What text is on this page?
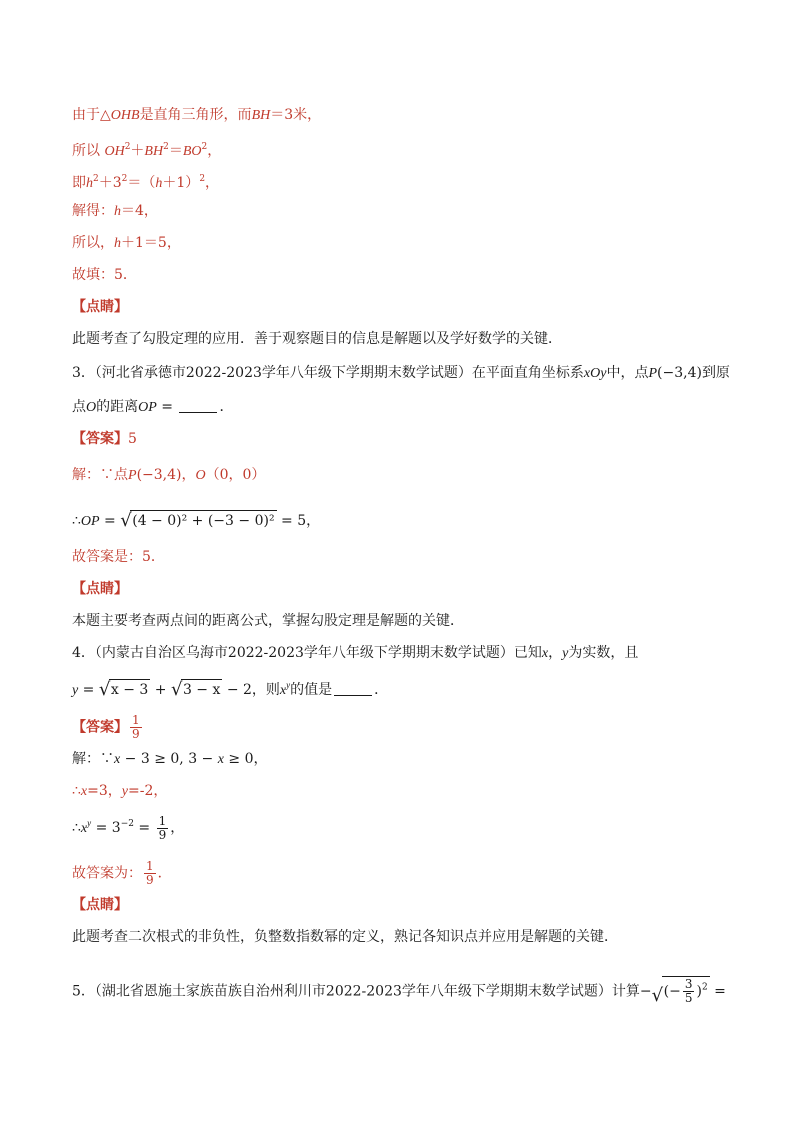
由于△OHB是直角三角形，而BH＝3米，
所以 $OH^2+BH^2=BO^2$，
即$h^2+3^2=(h+1)^2$，
解得：h＝4，
所以，h＋1＝5，
故填：5．
【点睛】
此题考查了勾股定理的应用．善于观察题目的信息是解题以及学好数学的关键．
3．（河北省承德市2022-2023学年八年级下学期期末数学试题）在平面直角坐标系xOy中，点P(−3,4)到原
点O的距离OP =	．
【答案】5
解：∵点P(−3,4)，O（0，0）
∴OP = √ (4 − 0)² + (−3 − 0)² = 5，
故答案是：5．
【点睛】
本题主要考查两点间的距离公式，掌握勾股定理是解题的关键．
4．（内蒙古自治区乌海市2022-2023学年八年级下学期期末数学试题）已知x，y为实数，且
y = √ x − 3 + √ 3 − x − 2，则$x^y$的值是	．
【答案】 $\frac{1}{9}$
解：∵x − 3 ≥ 0, 3 − x ≥ 0，
∴x=3，y=-2，
$\therefore x^y = 3^{-2} = \frac{1}{9}$ ，
故答案为： $\frac{1}{9}$ ．
【点睛】
此题考查二次根式的非负性，负整数指数幂的定义，熟记各知识点并应用是解题的关键．
5．（湖北省恩施土家族苗族自治州利川市2022-2023学年八年级下学期期末数学试题）计算− √ (− $\frac{3}{5} )^2$ =
